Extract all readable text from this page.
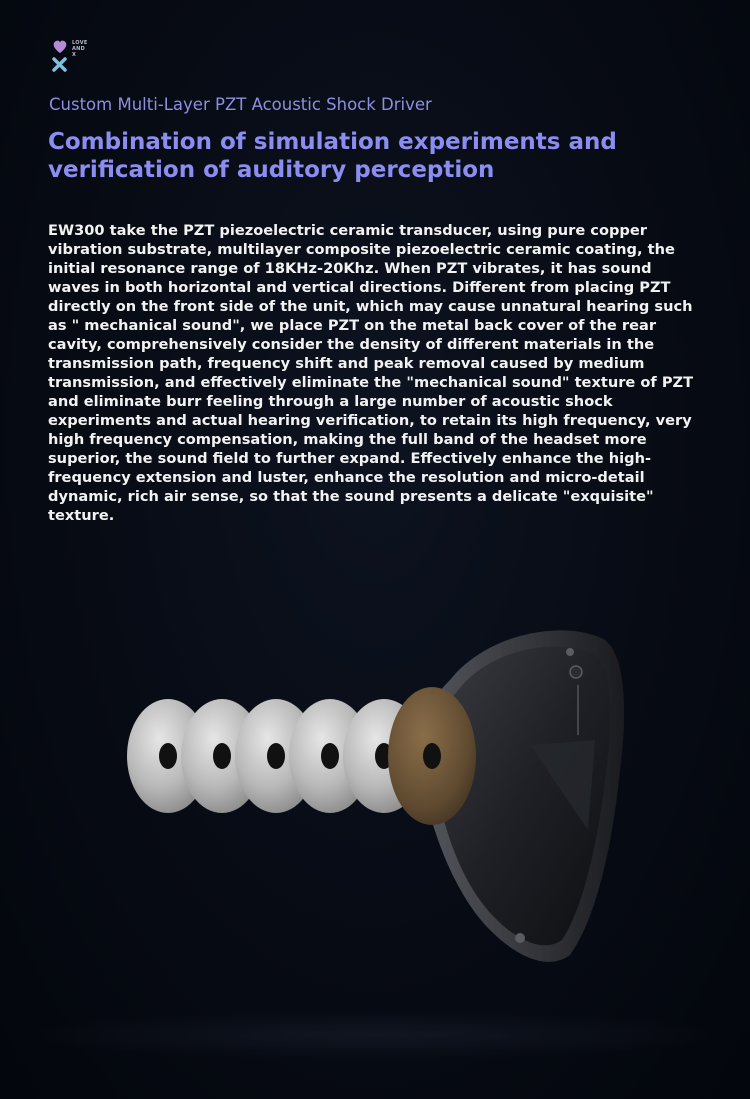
LOVE
AND
X
Custom Multi-Layer PZT Acoustic Shock Driver
Combination of simulation experiments and
verification of auditory perception
EW300 take the PZT piezoelectric ceramic transducer, using pure copper vibration substrate, multilayer composite piezoelectric ceramic coating, the initial resonance range of 18KHz-20Khz. When PZT vibrates, it has sound waves in both horizontal and vertical directions. Different from placing PZT directly on the front side of the unit, which may cause unnatural hearing such as " mechanical sound", we place PZT on the metal back cover of the rear cavity, comprehensively consider the density of different materials in the transmission path, frequency shift and peak removal caused by medium transmission, and effectively eliminate the "mechanical sound" texture of PZT and eliminate burr feeling through a large number of acoustic shock experiments and actual hearing verification, to retain its high frequency, very high frequency compensation, making the full band of the headset more superior, the sound field to further expand. Effectively enhance the high-frequency extension and luster, enhance the resolution and micro-detail dynamic, rich air sense, so that the sound presents a delicate "exquisite" texture.
